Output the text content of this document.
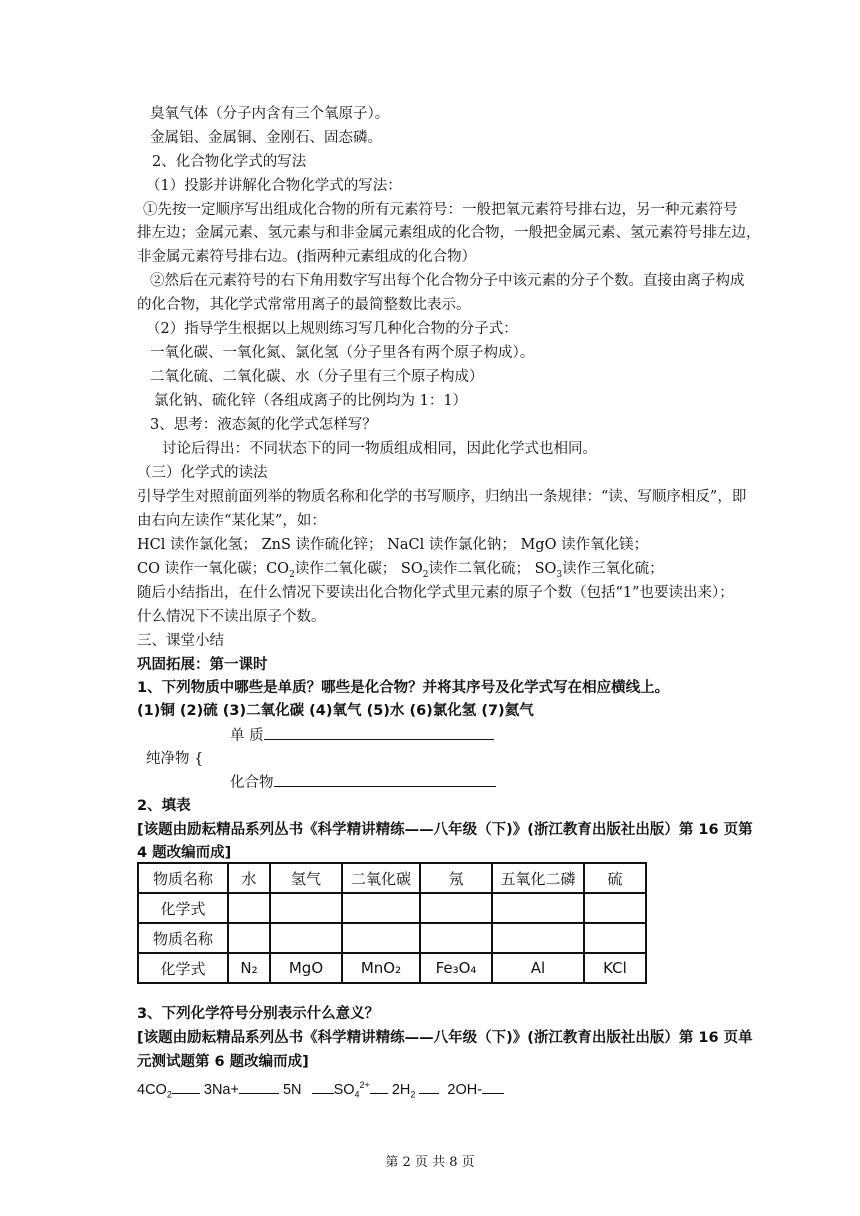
臭氧气体（分子内含有三个氧原子）。
金属铝、金属铜、金刚石、固态磷。
2、化合物化学式的写法
（1）投影并讲解化合物化学式的写法：
①先按一定顺序写出组成化合物的所有元素符号：一般把氧元素符号排右边，另一种元素符号
排左边；金属元素、氢元素与和非金属元素组成的化合物，一般把金属元素、氢元素符号排左边，
非金属元素符号排右边。(指两种元素组成的化合物）
②然后在元素符号的右下角用数字写出每个化合物分子中该元素的分子个数。直接由离子构成
的化合物，其化学式常常用离子的最简整数比表示。
（2）指导学生根据以上规则练习写几种化合物的分子式：
一氧化碳、一氧化氮、氯化氢（分子里各有两个原子构成）。
二氧化硫、二氧化碳、水（分子里有三个原子构成）
氯化钠、硫化锌（各组成离子的比例均为 1：1）
3、思考：液态氮的化学式怎样写？
讨论后得出：不同状态下的同一物质组成相同，因此化学式也相同。
（三）化学式的读法
引导学生对照前面列举的物质名称和化学的书写顺序，归纳出一条规律：“读、写顺序相反”，即
由右向左读作“某化某”，如：
HCl 读作氯化氢； ZnS 读作硫化锌； NaCl 读作氯化钠； MgO 读作氧化镁；
CO 读作一氧化碳；$CO_2$读作二氧化碳； $SO_2$读作二氧化硫； $SO_3$读作三氧化硫；
随后小结指出，在什么情况下要读出化合物化学式里元素的原子个数（包括“1”也要读出来）；
什么情况下不读出原子个数。
三、课堂小结
巩固拓展：第一课时
1、下列物质中哪些是单质？哪些是化合物？并将其序号及化学式写在相应横线上。
(1)铜 (2)硫 (3)二氧化碳 (4)氧气 (5)水 (6)氯化氢 (7)氦气
单 质
纯净物 {
化合物
2、填表
[该题由励耘精品系列丛书《科学精讲精练——八年级（下)》(浙江教育出版社出版）第 16 页第
4 题改编而成]
物质名称	水	氢气	二氧化碳	氖	五氧化二磷	硫
化学式						
物质名称						
化学式	N₂	MgO	MnO₂	Fe₃O₄	Al	KCl
3、下列化学符号分别表示什么意义？
[该题由励耘精品系列丛书《科学精讲精练——八年级（下)》(浙江教育出版社出版）第 16 页单
元测试题第 6 题改编而成]
$4CO_2$ 3Na+	5N $SO_4^{2+}$ $2H_2$ 2OH-
第 2 页 共 8 页
